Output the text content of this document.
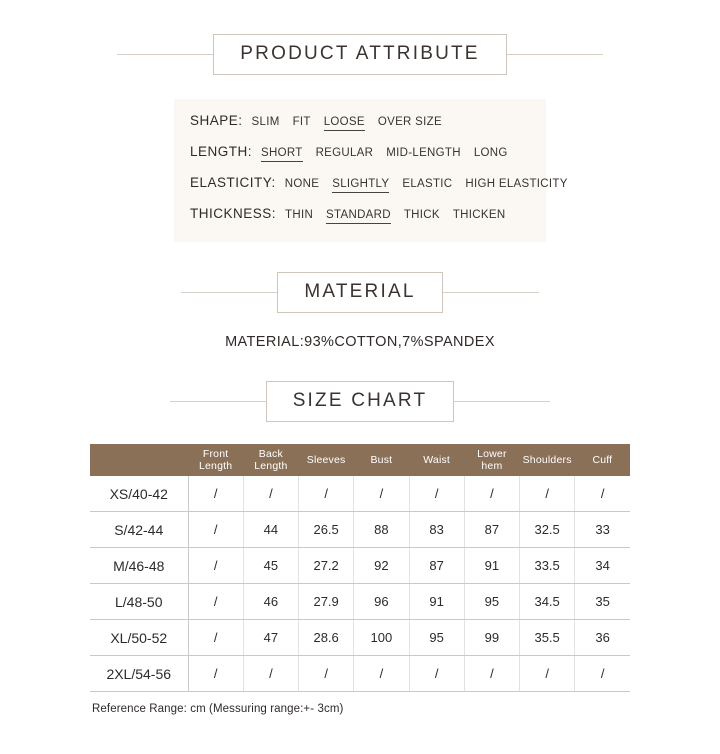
PRODUCT ATTRIBUTE
SHAPE: SLIM FIT LOOSE OVER SIZE
LENGTH: SHORT REGULAR MID-LENGTH LONG
ELASTICITY: NONE SLIGHTLY ELASTIC HIGH ELASTICITY
THICKNESS: THIN STANDARD THICK THICKEN
MATERIAL
MATERIAL:93%COTTON,7%SPANDEX
SIZE CHART
	Front Length	Back Length	Sleeves	Bust	Waist	Lower hem	Shoulders	Cuff
XS/40-42	/	/	/	/	/	/	/	/
S/42-44	/	44	26.5	88	83	87	32.5	33
M/46-48	/	45	27.2	92	87	91	33.5	34
L/48-50	/	46	27.9	96	91	95	34.5	35
XL/50-52	/	47	28.6	100	95	99	35.5	36
2XL/54-56	/	/	/	/	/	/	/	/
Reference Range: cm (Messuring range:+- 3cm)
